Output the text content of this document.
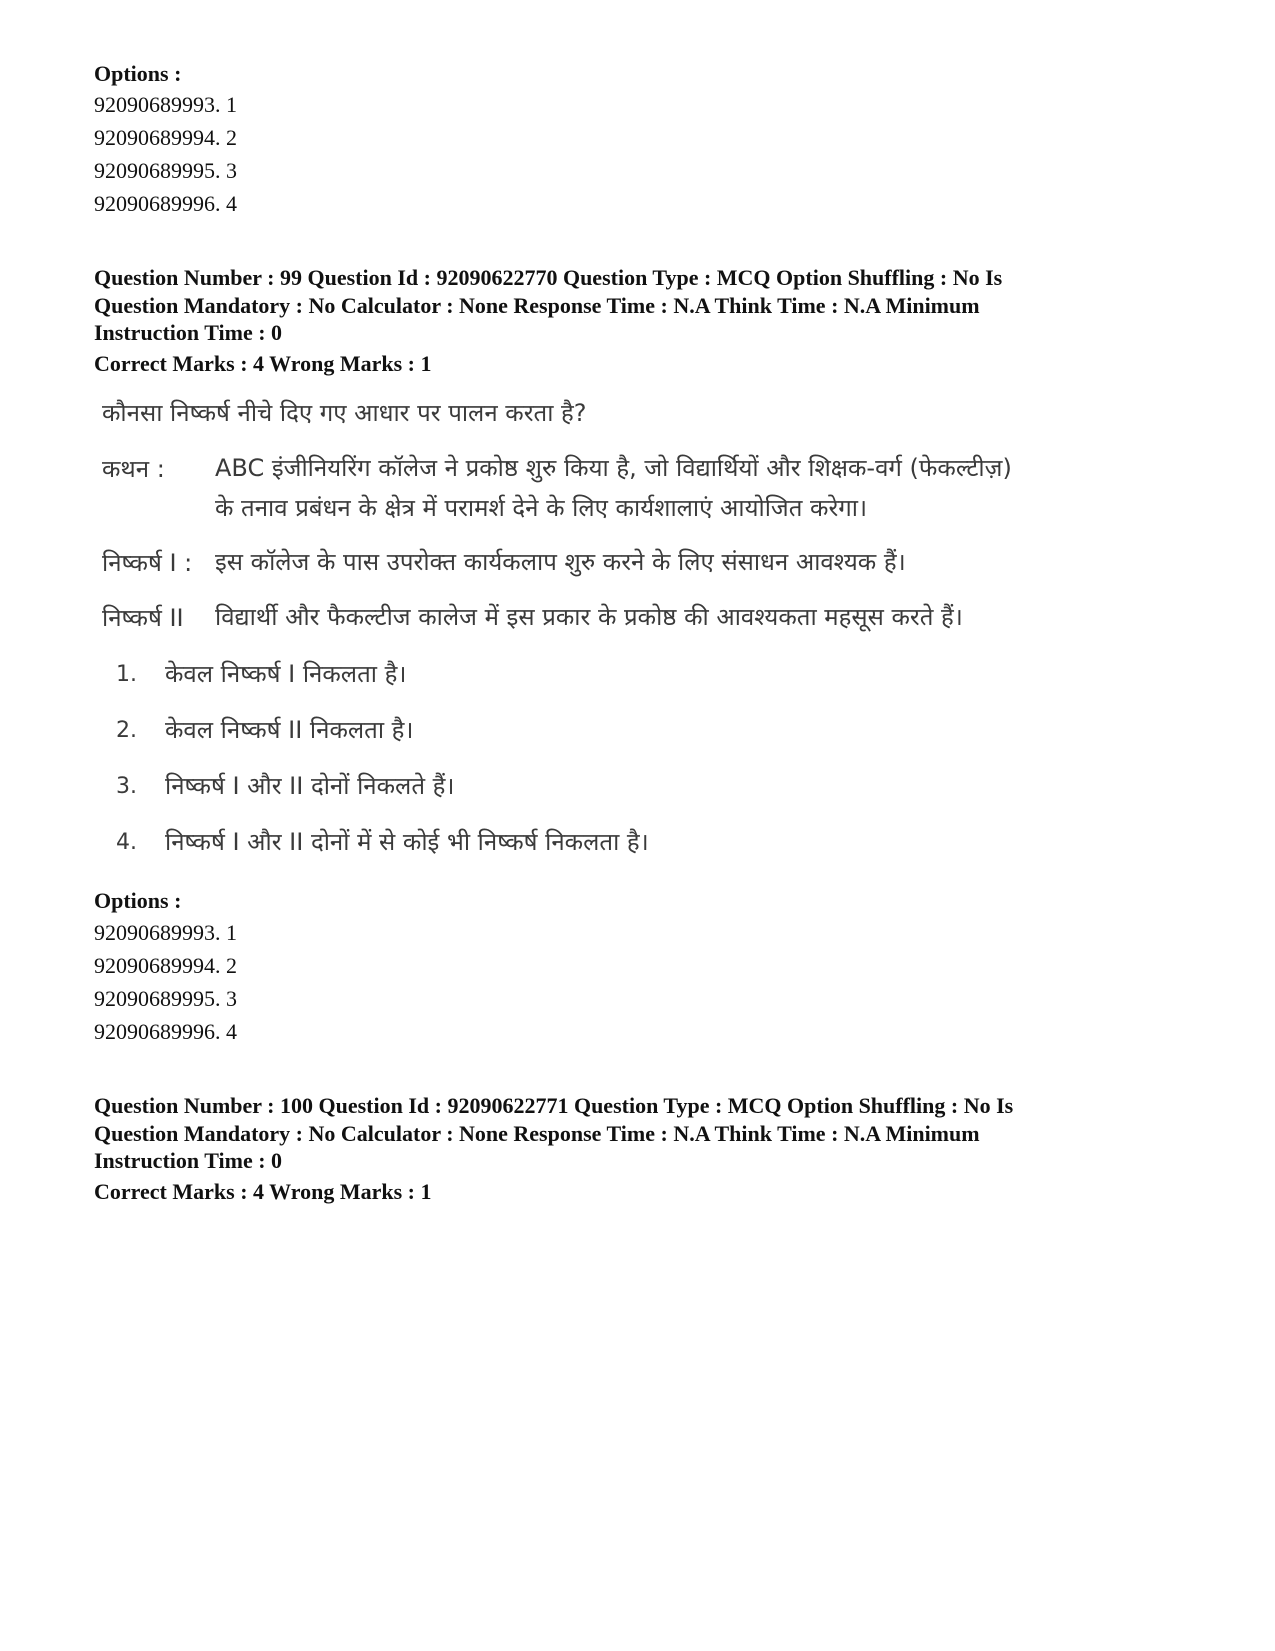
Options :
92090689993. 1
92090689994. 2
92090689995. 3
92090689996. 4
Question Number : 99 Question Id : 92090622770 Question Type : MCQ Option Shuffling : No Is
Question Mandatory : No Calculator : None Response Time : N.A Think Time : N.A Minimum
Instruction Time : 0
Correct Marks : 4 Wrong Marks : 1
कौनसा निष्कर्ष नीचे दिए गए आधार पर पालन करता है?
कथन : ABC इंजीनियरिंग कॉलेज ने प्रकोष्ठ शुरु किया है, जो विद्यार्थियों और शिक्षक-वर्ग (फेकल्टीज़)
के तनाव प्रबंधन के क्षेत्र में परामर्श देने के लिए कार्यशालाएं आयोजित करेगा।
निष्कर्ष I : इस कॉलेज के पास उपरोक्त कार्यकलाप शुरु करने के लिए संसाधन आवश्यक हैं।
निष्कर्ष II विद्यार्थी और फैकल्टीज कालेज में इस प्रकार के प्रकोष्ठ की आवश्यकता महसूस करते हैं।
1. केवल निष्कर्ष I निकलता है।
2. केवल निष्कर्ष II निकलता है।
3. निष्कर्ष I और II दोनों निकलते हैं।
4. निष्कर्ष I और II दोनों में से कोई भी निष्कर्ष निकलता है।
Options :
92090689993. 1
92090689994. 2
92090689995. 3
92090689996. 4
Question Number : 100 Question Id : 92090622771 Question Type : MCQ Option Shuffling : No Is
Question Mandatory : No Calculator : None Response Time : N.A Think Time : N.A Minimum
Instruction Time : 0
Correct Marks : 4 Wrong Marks : 1
